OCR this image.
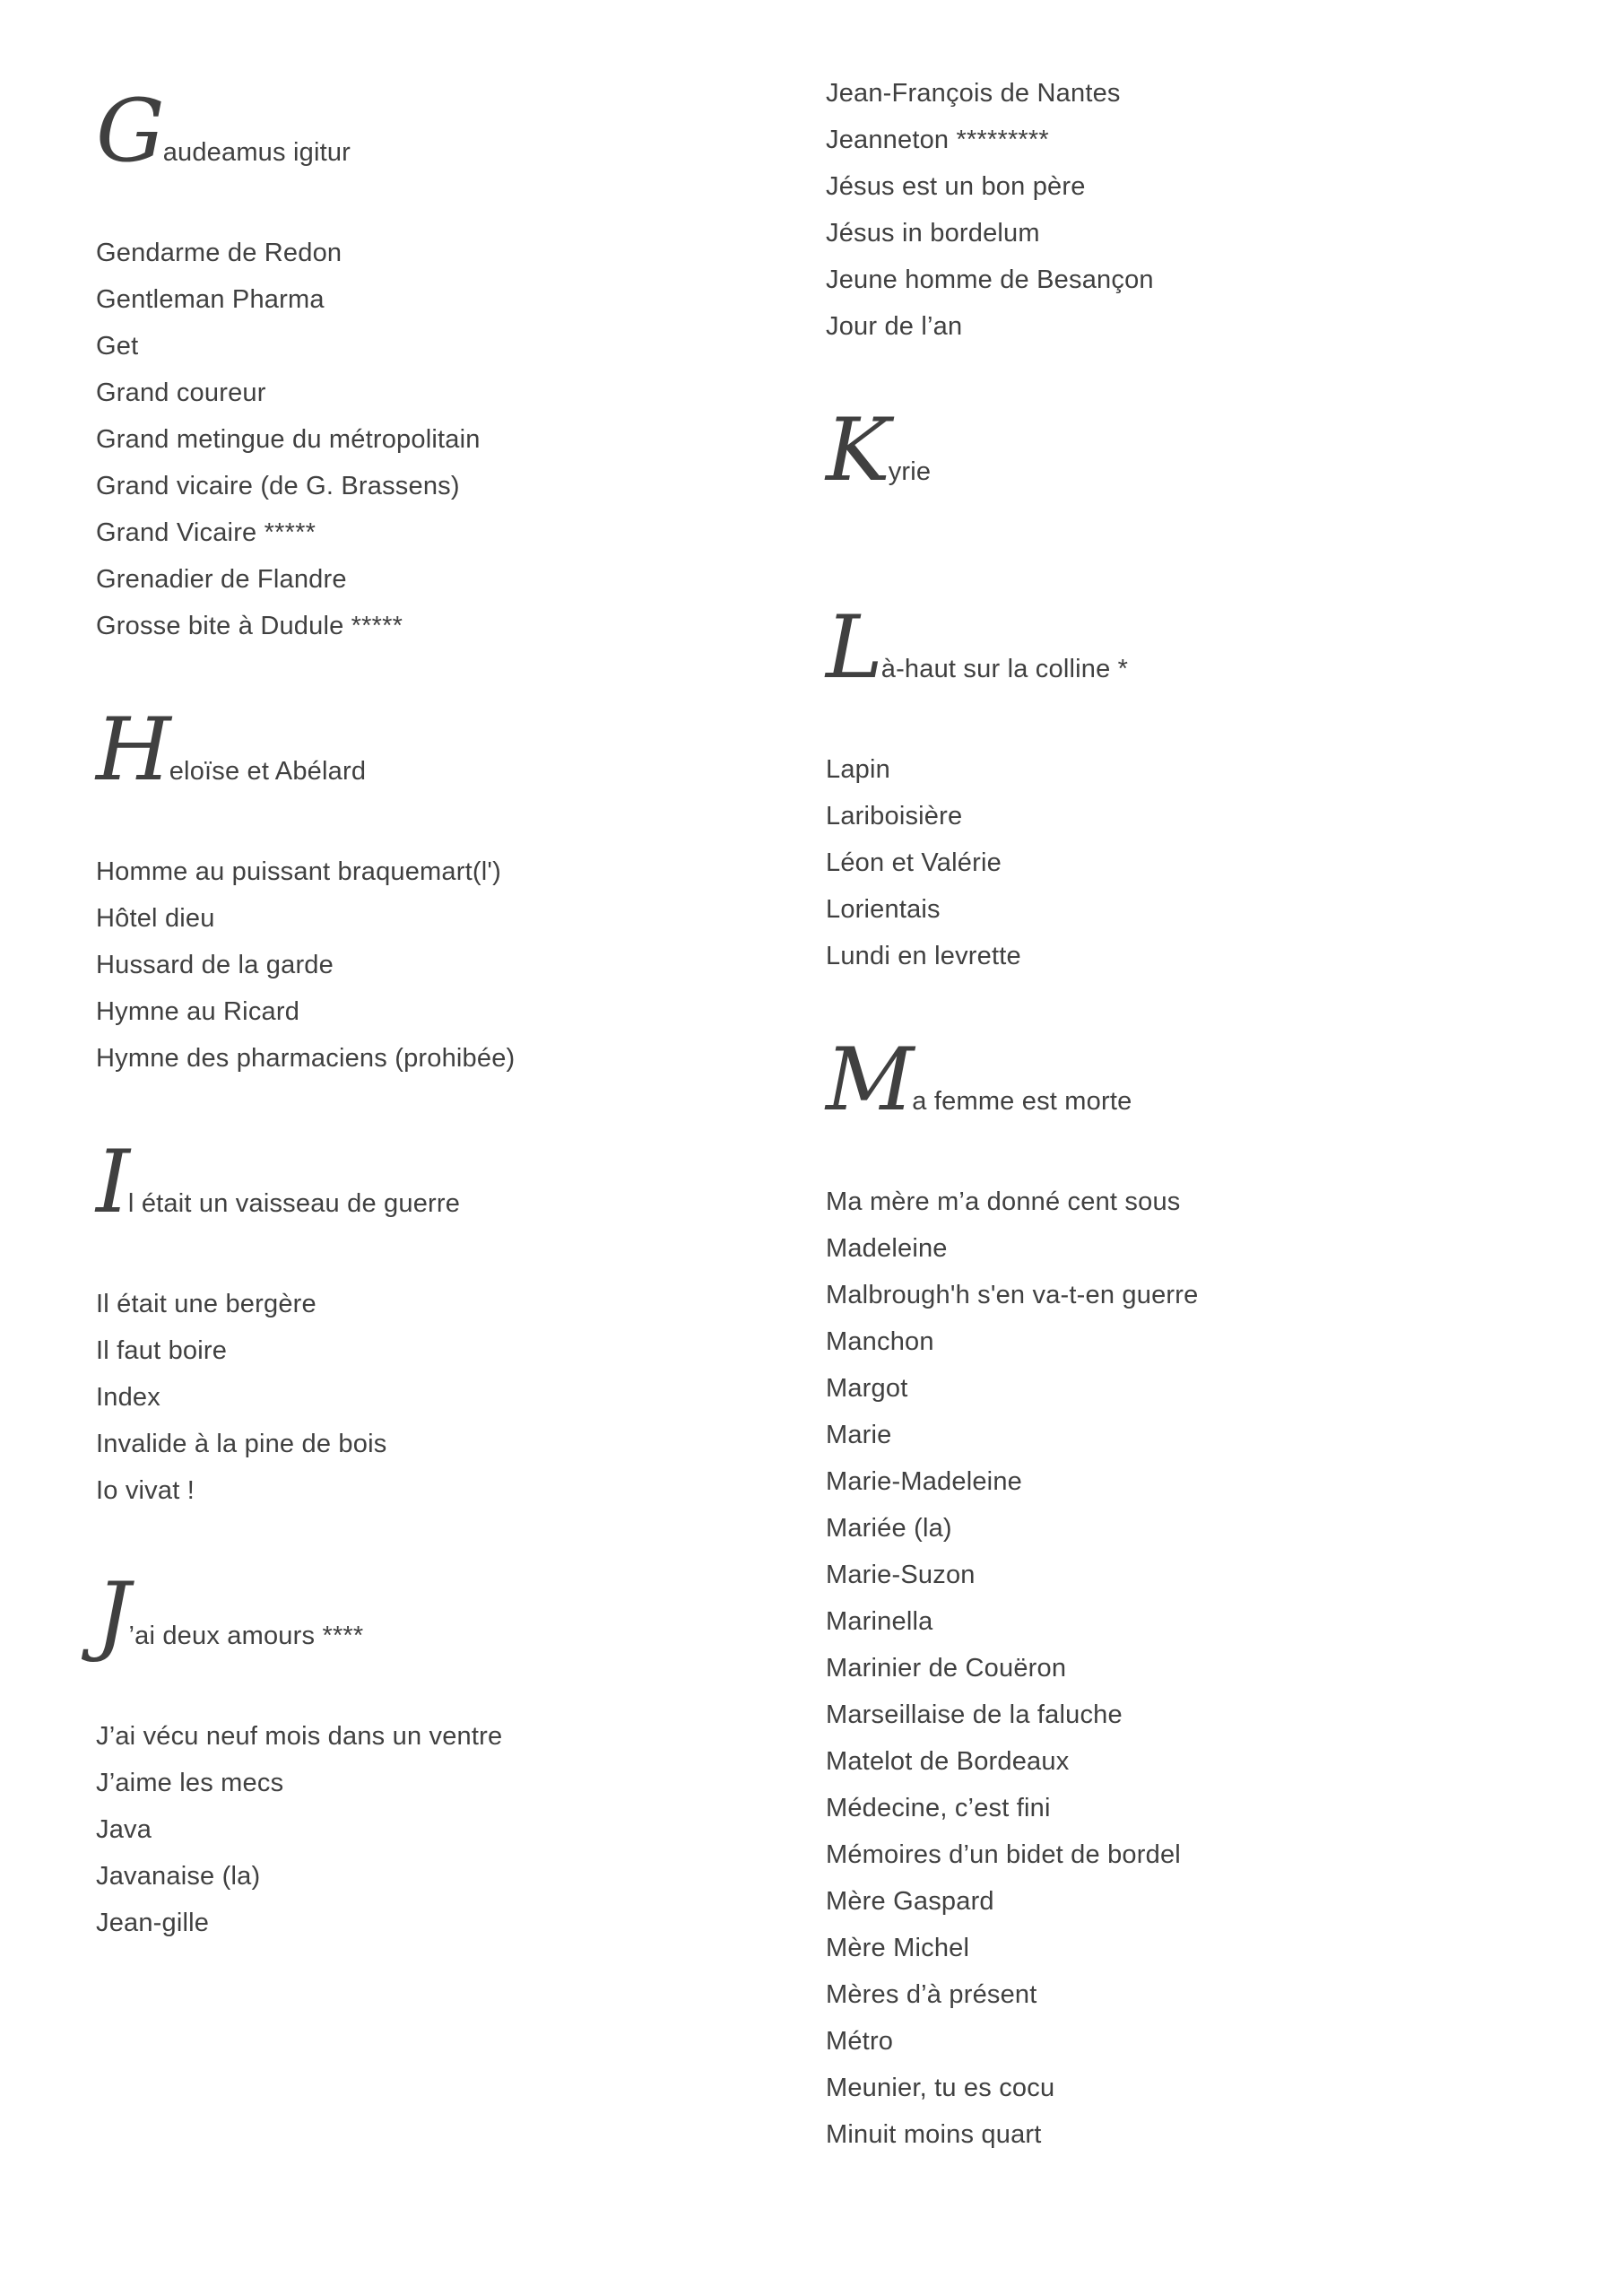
Gaudeamus igitur
Gendarme de Redon
Gentleman Pharma
Get
Grand coureur
Grand metingue du métropolitain
Grand vicaire (de G. Brassens)
Grand Vicaire *****
Grenadier de Flandre
Grosse bite à Dudule *****
Heloïse et Abélard
Homme au puissant braquemart(l')
Hôtel dieu
Hussard de la garde
Hymne au Ricard
Hymne des pharmaciens (prohibée)
Il était un vaisseau de guerre
Il était une bergère
Il faut boire
Index
Invalide à la pine de bois
Io vivat !
J’ai deux amours ****
J’ai vécu neuf mois dans un ventre
J’aime les mecs
Java
Javanaise (la)
Jean-gille
Jean-François de Nantes
Jeanneton *********
Jésus est un bon père
Jésus in bordelum
Jeune homme de Besançon
Jour de l’an
Kyrie
Là-haut sur la colline *
Lapin
Lariboisière
Léon et Valérie
Lorientais
Lundi en levrette
Ma femme est morte
Ma mère m’a donné cent sous
Madeleine
Malbrough'h s'en va-t-en guerre
Manchon
Margot
Marie
Marie-Madeleine
Mariée (la)
Marie-Suzon
Marinella
Marinier de Couëron
Marseillaise de la faluche
Matelot de Bordeaux
Médecine, c’est fini
Mémoires d’un bidet de bordel
Mère Gaspard
Mère Michel
Mères d’à présent
Métro
Meunier, tu es cocu
Minuit moins quart
